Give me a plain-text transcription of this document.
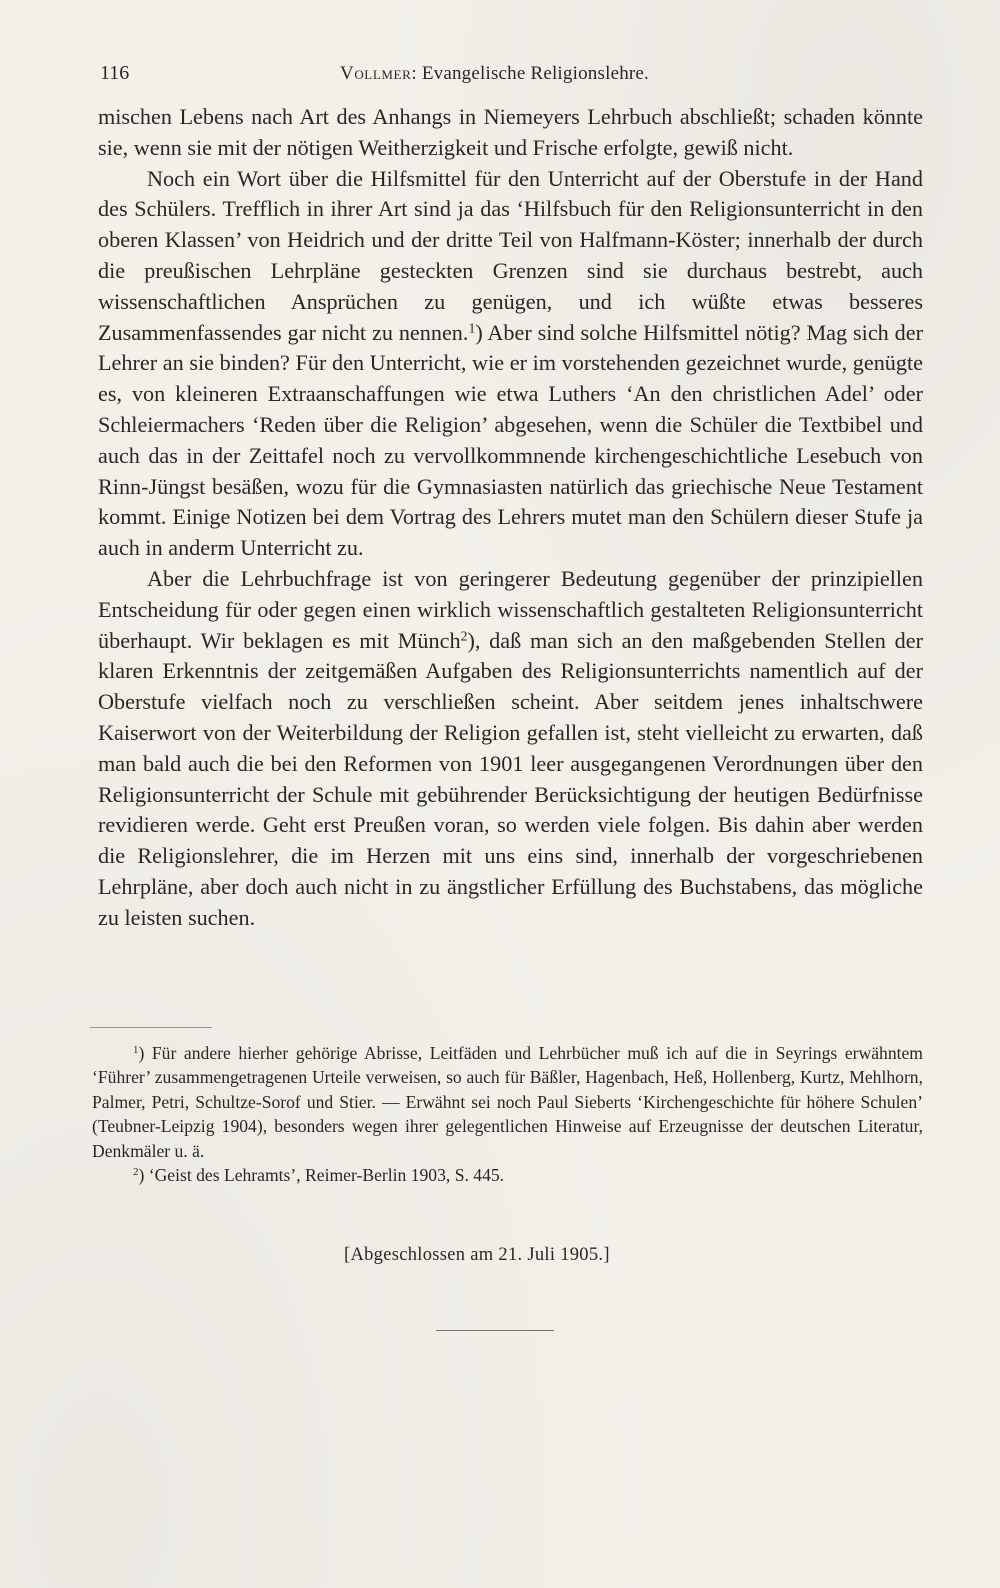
116	Vollmer: Evangelische Religionslehre.

mischen Lebens nach Art des Anhangs in Niemeyers Lehrbuch abschließt; schaden könnte sie, wenn sie mit der nötigen Weitherzigkeit und Frische erfolgte, gewiß nicht.

Noch ein Wort über die Hilfsmittel für den Unterricht auf der Oberstufe in der Hand des Schülers. Trefflich in ihrer Art sind ja das ‘Hilfsbuch für den Religionsunterricht in den oberen Klassen’ von Heidrich und der dritte Teil von Halfmann-Köster; innerhalb der durch die preußischen Lehrpläne gesteckten Grenzen sind sie durchaus bestrebt, auch wissenschaftlichen Ansprüchen zu genügen, und ich wüßte etwas besseres Zusammenfassendes gar nicht zu nennen.$^1$) Aber sind solche Hilfsmittel nötig? Mag sich der Lehrer an sie binden? Für den Unterricht, wie er im vorstehenden gezeichnet wurde, genügte es, von kleineren Extraanschaffungen wie etwa Luthers ‘An den christlichen Adel’ oder Schleiermachers ‘Reden über die Religion’ abgesehen, wenn die Schüler die Textbibel und auch das in der Zeittafel noch zu vervollkommnende kirchengeschichtliche Lesebuch von Rinn-Jüngst besäßen, wozu für die Gymnasiasten natürlich das griechische Neue Testament kommt. Einige Notizen bei dem Vortrag des Lehrers mutet man den Schülern dieser Stufe ja auch in anderm Unterricht zu.

Aber die Lehrbuchfrage ist von geringerer Bedeutung gegenüber der prinzipiellen Entscheidung für oder gegen einen wirklich wissenschaftlich gestalteten Religionsunterricht überhaupt. Wir beklagen es mit Münch$^2$), daß man sich an den maßgebenden Stellen der klaren Erkenntnis der zeitgemäßen Aufgaben des Religionsunterrichts namentlich auf der Oberstufe vielfach noch zu verschließen scheint. Aber seitdem jenes inhaltschwere Kaiserwort von der Weiterbildung der Religion gefallen ist, steht vielleicht zu erwarten, daß man bald auch die bei den Reformen von 1901 leer ausgegangenen Verordnungen über den Religionsunterricht der Schule mit gebührender Berücksichtigung der heutigen Bedürfnisse revidieren werde. Geht erst Preußen voran, so werden viele folgen. Bis dahin aber werden die Religionslehrer, die im Herzen mit uns eins sind, innerhalb der vorgeschriebenen Lehrpläne, aber doch auch nicht in zu ängstlicher Erfüllung des Buchstabens, das mögliche zu leisten suchen.

$^1$) Für andere hierher gehörige Abrisse, Leitfäden und Lehrbücher muß ich auf die in Seyrings erwähntem ‘Führer’ zusammengetragenen Urteile verweisen, so auch für Bäßler, Hagenbach, Heß, Hollenberg, Kurtz, Mehlhorn, Palmer, Petri, Schultze-Sorof und Stier. — Erwähnt sei noch Paul Sieberts ‘Kirchengeschichte für höhere Schulen’ (Teubner-Leipzig 1904), besonders wegen ihrer gelegentlichen Hinweise auf Erzeugnisse der deutschen Literatur, Denkmäler u. ä.

$^2$) ‘Geist des Lehramts’, Reimer-Berlin 1903, S. 445.

[Abgeschlossen am 21. Juli 1905.]
